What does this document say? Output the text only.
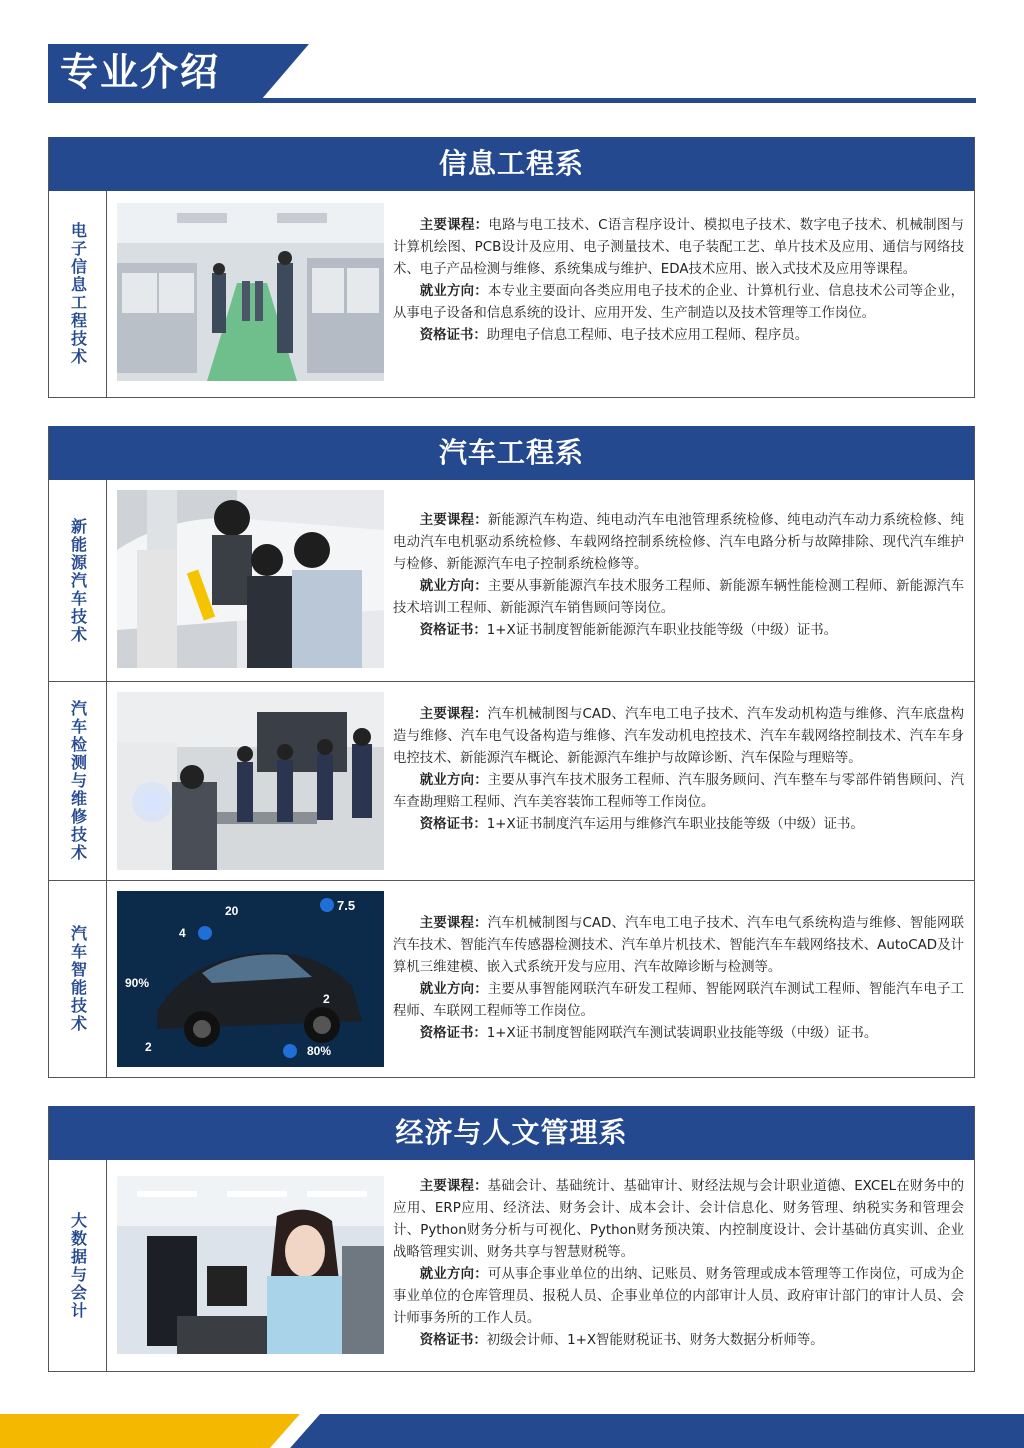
专业介绍
信息工程系
电子信息工程技术	主要课程：电路与电工技术、C语言程序设计、模拟电子技术、数字电子技术、机械制图与计算机绘图、PCB设计及应用、电子测量技术、电子装配工艺、单片技术及应用、通信与网络技术、电子产品检测与维修、系统集成与维护、EDA技术应用、嵌入式技术及应用等课程。

就业方向：本专业主要面向各类应用电子技术的企业、计算机行业、信息技术公司等企业，从事电子设备和信息系统的设计、应用开发、生产制造以及技术管理等工作岗位。

资格证书：助理电子信息工程师、电子技术应用工程师、程序员。

汽车工程系
新能源汽车技术	主要课程：新能源汽车构造、纯电动汽车电池管理系统检修、纯电动汽车动力系统检修、纯电动汽车电机驱动系统检修、车载网络控制系统检修、汽车电路分析与故障排除、现代汽车维护与检修、新能源汽车电子控制系统检修等。

就业方向：主要从事新能源汽车技术服务工程师、新能源车辆性能检测工程师、新能源汽车技术培训工程师、新能源汽车销售顾问等岗位。

资格证书：1+X证书制度智能新能源汽车职业技能等级（中级）证书。

汽车检测与维修技术	主要课程：汽车机械制图与CAD、汽车电工电子技术、汽车发动机构造与维修、汽车底盘构造与维修、汽车电气设备构造与维修、汽车发动机电控技术、汽车车载网络控制技术、汽车车身电控技术、新能源汽车概论、新能源汽车维护与故障诊断、汽车保险与理赔等。

就业方向：主要从事汽车技术服务工程师、汽车服务顾问、汽车整车与零部件销售顾问、汽车查勘理赔工程师、汽车美容装饰工程师等工作岗位。

资格证书：1+X证书制度汽车运用与维修汽车职业技能等级（中级）证书。

汽车智能技术
7.5
20
4
90%
2
2
80%

主要课程：汽车机械制图与CAD、汽车电工电子技术、汽车电气系统构造与维修、智能网联汽车技术、智能汽车传感器检测技术、汽车单片机技术、智能汽车车载网络技术、AutoCAD及计算机三维建模、嵌入式系统开发与应用、汽车故障诊断与检测等。

就业方向：主要从事智能网联汽车研发工程师、智能网联汽车测试工程师、智能汽车电子工程师、车联网工程师等工作岗位。

资格证书：1+X证书制度智能网联汽车测试装调职业技能等级（中级）证书。

经济与人文管理系
大数据与会计

主要课程：基础会计、基础统计、基础审计、财经法规与会计职业道德、EXCEL在财务中的应用、ERP应用、经济法、财务会计、成本会计、会计信息化、财务管理、纳税实务和管理会计、Python财务分析与可视化、Python财务预决策、内控制度设计、会计基础仿真实训、企业战略管理实训、财务共享与智慧财税等。

就业方向：可从事企事业单位的出纳、记账员、财务管理或成本管理等工作岗位，可成为企事业单位的仓库管理员、报税人员、企事业单位的内部审计人员、政府审计部门的审计人员、会计师事务所的工作人员。

资格证书：初级会计师、1+X智能财税证书、财务大数据分析师等。
